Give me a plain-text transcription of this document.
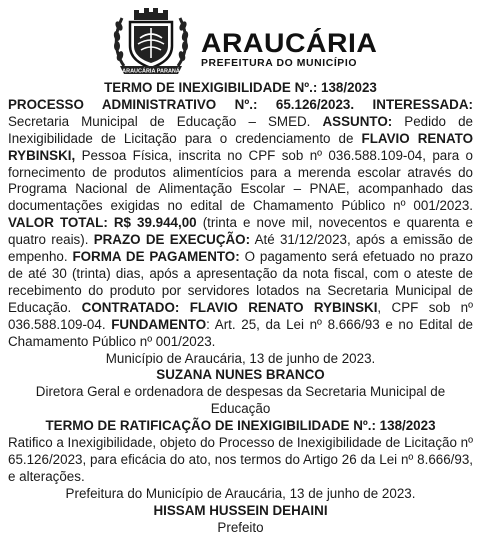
ARAUCÁRIA PARANÁ
ARAUCÁRIA
PREFEITURA DO MUNICÍPIO
TERMO DE INEXIGIBILIDADE Nº.: 138/2023
PROCESSO ADMINISTRATIVO Nº.: 65.126/2023. INTERESSADA: Secretaria Municipal de Educação – SMED. ASSUNTO: Pedido de Inexigibilidade de Licitação para o credenciamento de FLAVIO RENATO RYBINSKI, Pessoa Física, inscrita no CPF sob nº 036.588.109-04, para o fornecimento de produtos alimentícios para a merenda escolar através do Programa Nacional de Alimentação Escolar – PNAE, acompanhado das documentações exigidas no edital de Chamamento Público nº 001/2023. VALOR TOTAL: R$ 39.944,00 (trinta e nove mil, novecentos e quarenta e quatro reais). PRAZO DE EXECUÇÃO: Até 31/12/2023, após a emissão de empenho. FORMA DE PAGAMENTO: O pagamento será efetuado no prazo de até 30 (trinta) dias, após a apresentação da nota fiscal, com o ateste de recebimento do produto por servidores lotados na Secretaria Municipal de Educação. CONTRATADO: FLAVIO RENATO RYBINSKI, CPF sob nº 036.588.109-04. FUNDAMENTO: Art. 25, da Lei nº 8.666/93 e no Edital de Chamamento Público nº 001/2023.
Município de Araucária, 13 de junho de 2023.
SUZANA NUNES BRANCO
Diretora Geral e ordenadora de despesas da Secretaria Municipal de Educação
TERMO DE RATIFICAÇÃO DE INEXIGIBILIDADE Nº.: 138/2023
Ratifico a Inexigibilidade, objeto do Processo de Inexigibilidade de Licitação nº 65.126/2023, para eficácia do ato, nos termos do Artigo 26 da Lei nº 8.666/93, e alterações.
Prefeitura do Município de Araucária, 13 de junho de 2023.
HISSAM HUSSEIN DEHAINI
Prefeito
